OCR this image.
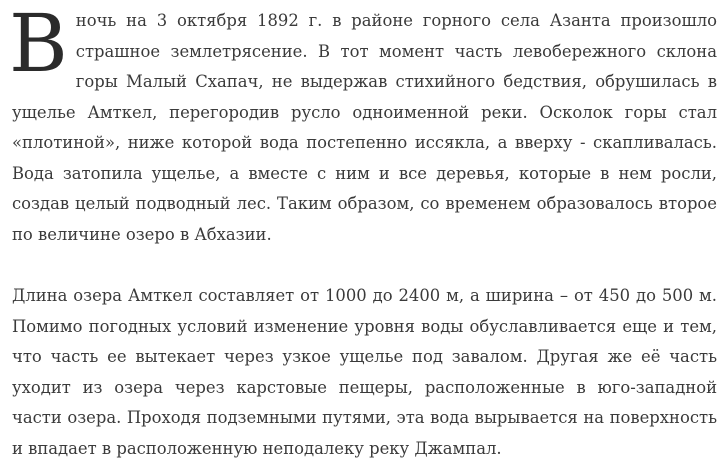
В ночь на 3 октября 1892 г. в районе горного села Азанта произошло страшное землетрясение. В тот момент часть левобережного склона горы Малый Схапач, не выдержав стихийного бедствия, обрушилась в ущелье Амткел, перегородив русло одноименной реки. Осколок горы стал «плотиной», ниже которой вода постепенно иссякла, а вверху - скапливалась. Вода затопила ущелье, а вместе с ним и все деревья, которые в нем росли, создав целый подводный лес. Таким образом, со временем образовалось второе по величине озеро в Абхазии.

Длина озера Амткел составляет от 1000 до 2400 м, а ширина – от 450 до 500 м. Помимо погодных условий изменение уровня воды обуславливается еще и тем, что часть ее вытекает через узкое ущелье под завалом. Другая же её часть уходит из озера через карстовые пещеры, расположенные в юго-западной части озера. Проходя подземными путями, эта вода вырывается на поверхность и впадает в расположенную неподалеку реку Джампал.
